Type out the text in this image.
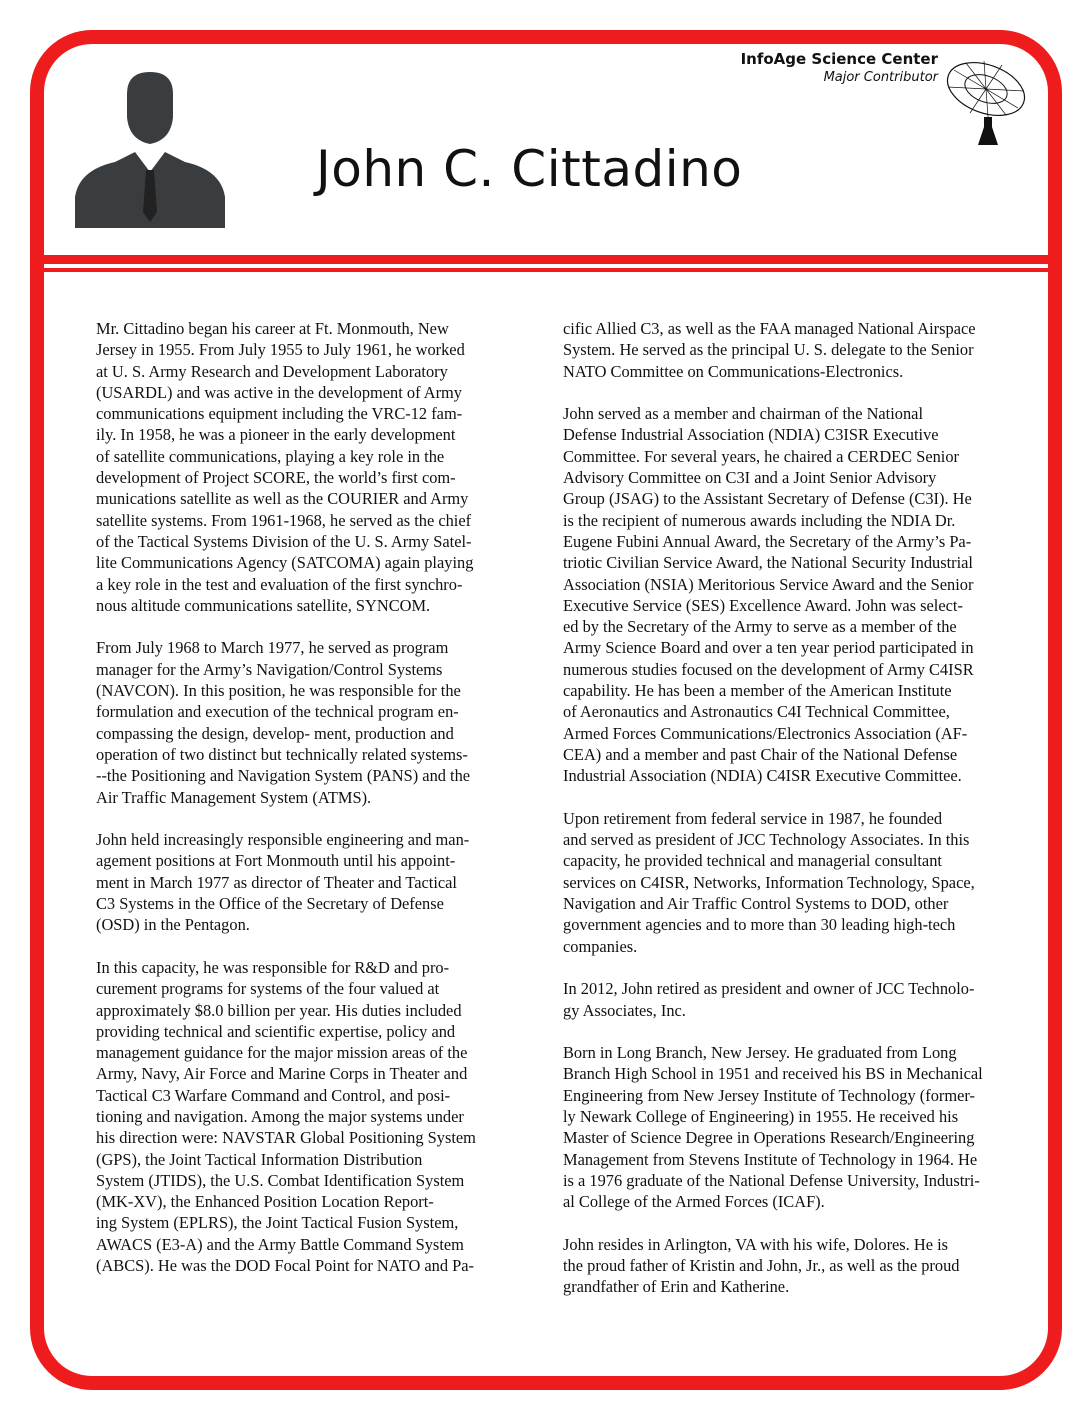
InfoAge Science Center
Major Contributor
John C. Cittadino
Mr. Cittadino began his career at Ft. Monmouth, New
Jersey in 1955. From July 1955 to July 1961, he worked
at U. S. Army Research and Development Laboratory
(USARDL) and was active in the development of Army
communications equipment including the VRC-12 fam-
ily. In 1958, he was a pioneer in the early development
of satellite communications, playing a key role in the
development of Project SCORE, the world’s first com-
munications satellite as well as the COURIER and Army
satellite systems. From 1961-1968, he served as the chief
of the Tactical Systems Division of the U. S. Army Satel-
lite Communications Agency (SATCOMA) again playing
a key role in the test and evaluation of the first synchro-
nous altitude communications satellite, SYNCOM.
From July 1968 to March 1977, he served as program
manager for the Army’s Navigation/Control Systems
(NAVCON). In this position, he was responsible for the
formulation and execution of the technical program en-
compassing the design, develop- ment, production and
operation of two distinct but technically related systems-
--the Positioning and Navigation System (PANS) and the
Air Traffic Management System (ATMS).
John held increasingly responsible engineering and man-
agement positions at Fort Monmouth until his appoint-
ment in March 1977 as director of Theater and Tactical
C3 Systems in the Office of the Secretary of Defense
(OSD) in the Pentagon.
In this capacity, he was responsible for R&D and pro-
curement programs for systems of the four valued at
approximately $8.0 billion per year. His duties included
providing technical and scientific expertise, policy and
management guidance for the major mission areas of the
Army, Navy, Air Force and Marine Corps in Theater and
Tactical C3 Warfare Command and Control, and posi-
tioning and navigation. Among the major systems under
his direction were: NAVSTAR Global Positioning System
(GPS), the Joint Tactical Information Distribution
System (JTIDS), the U.S. Combat Identification System
(MK-XV), the Enhanced Position Location Report-
ing System (EPLRS), the Joint Tactical Fusion System,
AWACS (E3-A) and the Army Battle Command System
(ABCS). He was the DOD Focal Point for NATO and Pa-
cific Allied C3, as well as the FAA managed National Airspace
System. He served as the principal U. S. delegate to the Senior
NATO Committee on Communications-Electronics.
John served as a member and chairman of the National
Defense Industrial Association (NDIA) C3ISR Executive
Committee. For several years, he chaired a CERDEC Senior
Advisory Committee on C3I and a Joint Senior Advisory
Group (JSAG) to the Assistant Secretary of Defense (C3I). He
is the recipient of numerous awards including the NDIA Dr.
Eugene Fubini Annual Award, the Secretary of the Army’s Pa-
triotic Civilian Service Award, the National Security Industrial
Association (NSIA) Meritorious Service Award and the Senior
Executive Service (SES) Excellence Award. John was select-
ed by the Secretary of the Army to serve as a member of the
Army Science Board and over a ten year period participated in
numerous studies focused on the development of Army C4ISR
capability. He has been a member of the American Institute
of Aeronautics and Astronautics C4I Technical Committee,
Armed Forces Communications/Electronics Association (AF-
CEA) and a member and past Chair of the National Defense
Industrial Association (NDIA) C4ISR Executive Committee.
Upon retirement from federal service in 1987, he founded
and served as president of JCC Technology Associates. In this
capacity, he provided technical and managerial consultant
services on C4ISR, Networks, Information Technology, Space,
Navigation and Air Traffic Control Systems to DOD, other
government agencies and to more than 30 leading high-tech
companies.
In 2012, John retired as president and owner of JCC Technolo-
gy Associates, Inc.
Born in Long Branch, New Jersey. He graduated from Long
Branch High School in 1951 and received his BS in Mechanical
Engineering from New Jersey Institute of Technology (former-
ly Newark College of Engineering) in 1955. He received his
Master of Science Degree in Operations Research/Engineering
Management from Stevens Institute of Technology in 1964. He
is a 1976 graduate of the National Defense University, Industri-
al College of the Armed Forces (ICAF).
John resides in Arlington, VA with his wife, Dolores. He is
the proud father of Kristin and John, Jr., as well as the proud
grandfather of Erin and Katherine.
